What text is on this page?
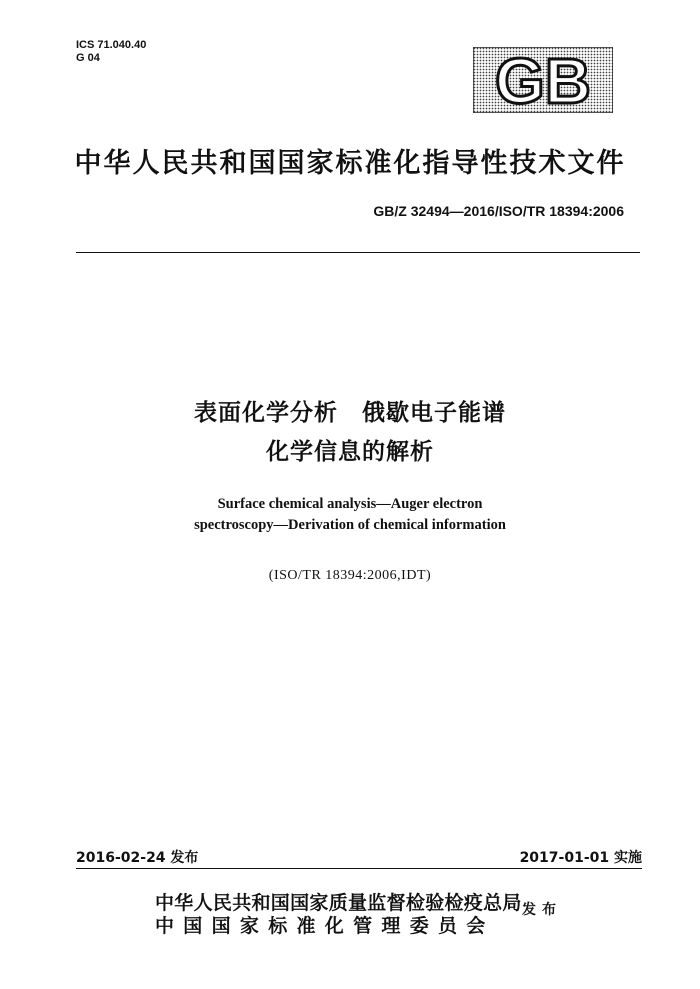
ICS 71.040.40
G 04	GB
中华人民共和国国家标准化指导性技术文件
GB/Z 32494—2016/ISO/TR 18394:2006
表面化学分析 俄歇电子能谱
化学信息的解析
Surface chemical analysis—Auger electron
spectroscopy—Derivation of chemical information
(ISO/TR 18394:2006,IDT)
2016-02-24 发布	2017-01-01 实施
中华人民共和国国家质量监督检验检疫总局
中国国家标准化管理委员会
发布
